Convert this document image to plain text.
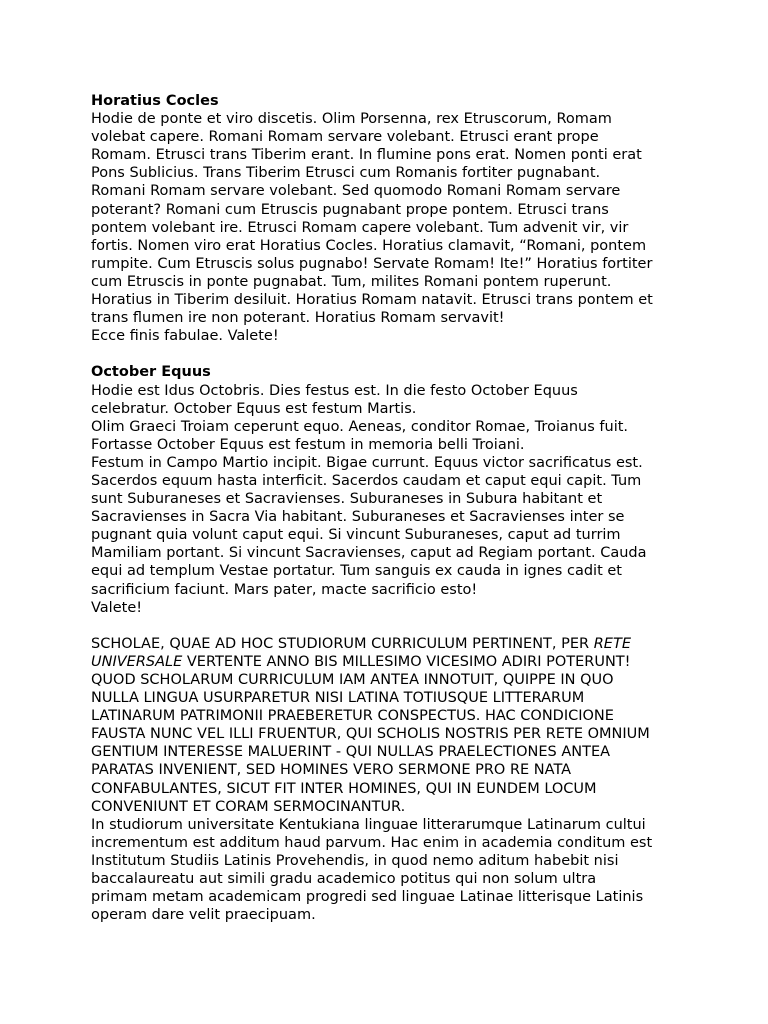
Horatius Cocles
Hodie de ponte et viro discetis. Olim Porsenna, rex Etruscorum, Romam
volebat capere. Romani Romam servare volebant. Etrusci erant prope
Romam. Etrusci trans Tiberim erant. In flumine pons erat. Nomen ponti erat
Pons Sublicius. Trans Tiberim Etrusci cum Romanis fortiter pugnabant.
Romani Romam servare volebant. Sed quomodo Romani Romam servare
poterant? Romani cum Etruscis pugnabant prope pontem. Etrusci trans
pontem volebant ire. Etrusci Romam capere volebant. Tum advenit vir, vir
fortis. Nomen viro erat Horatius Cocles. Horatius clamavit, “Romani, pontem
rumpite. Cum Etruscis solus pugnabo! Servate Romam! Ite!” Horatius fortiter
cum Etruscis in ponte pugnabat. Tum, milites Romani pontem ruperunt.
Horatius in Tiberim desiluit. Horatius Romam natavit. Etrusci trans pontem et
trans flumen ire non poterant. Horatius Romam servavit!
Ecce finis fabulae. Valete!
October Equus
Hodie est Idus Octobris. Dies festus est. In die festo October Equus
celebratur. October Equus est festum Martis.
Olim Graeci Troiam ceperunt equo. Aeneas, conditor Romae, Troianus fuit.
Fortasse October Equus est festum in memoria belli Troiani.
Festum in Campo Martio incipit. Bigae currunt. Equus victor sacrificatus est.
Sacerdos equum hasta interficit. Sacerdos caudam et caput equi capit. Tum
sunt Suburaneses et Sacravienses. Suburaneses in Subura habitant et
Sacravienses in Sacra Via habitant. Suburaneses et Sacravienses inter se
pugnant quia volunt caput equi. Si vincunt Suburaneses, caput ad turrim
Mamiliam portant. Si vincunt Sacravienses, caput ad Regiam portant. Cauda
equi ad templum Vestae portatur. Tum sanguis ex cauda in ignes cadit et
sacrificium faciunt. Mars pater, macte sacrificio esto!
Valete!
SCHOLAE, QUAE AD HOC STUDIORUM CURRICULUM PERTINENT, PER RETE
UNIVERSALE VERTENTE ANNO BIS MILLESIMO VICESIMO ADIRI POTERUNT!
QUOD SCHOLARUM CURRICULUM IAM ANTEA INNOTUIT, QUIPPE IN QUO
NULLA LINGUA USURPARETUR NISI LATINA TOTIUSQUE LITTERARUM
LATINARUM PATRIMONII PRAEBERETUR CONSPECTUS. HAC CONDICIONE
FAUSTA NUNC VEL ILLI FRUENTUR, QUI SCHOLIS NOSTRIS PER RETE OMNIUM
GENTIUM INTERESSE MALUERINT - QUI NULLAS PRAELECTIONES ANTEA
PARATAS INVENIENT, SED HOMINES VERO SERMONE PRO RE NATA
CONFABULANTES, SICUT FIT INTER HOMINES, QUI IN EUNDEM LOCUM
CONVENIUNT ET CORAM SERMOCINANTUR.
In studiorum universitate Kentukiana linguae litterarumque Latinarum cultui
incrementum est additum haud parvum. Hac enim in academia conditum est
Institutum Studiis Latinis Provehendis, in quod nemo aditum habebit nisi
baccalaureatu aut simili gradu academico potitus qui non solum ultra
primam metam academicam progredi sed linguae Latinae litterisque Latinis
operam dare velit praecipuam.
